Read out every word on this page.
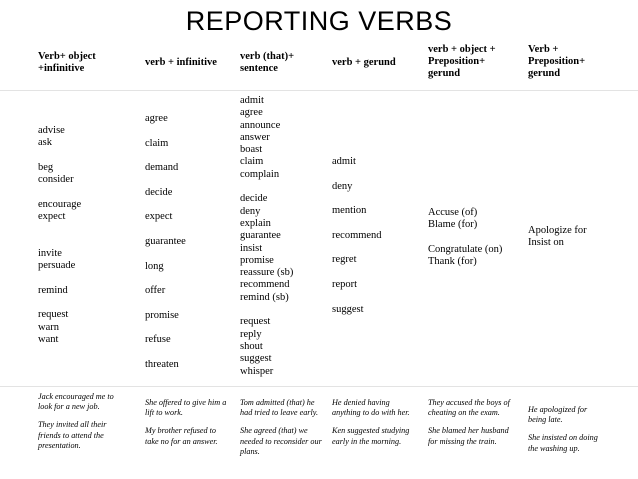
REPORTING VERBS
Verb+ object +infinitive
verb + infinitive
verb (that)+ sentence
verb + gerund
verb + object + Preposition+ gerund
Verb + Preposition+ gerund
advise
ask
beg
consider
encourage
expect
invite
persuade
remind
request
warn
want
agree
claim
demand
decide
expect
guarantee
long
offer
promise
refuse
threaten
admit
agree
announce
answer
boast
claim
complain
decide
deny
explain
guarantee
insist
promise
reassure (sb)
recommend
remind (sb)
request
reply
shout
suggest
whisper
admit
deny
mention
recommend
regret
report
suggest
Accuse (of)
Blame (for)
Congratulate (on)
Thank (for)
Apologize for
Insist on

Jack encouraged me to look for a new job.

They invited all their friends to attend the presentation.

She offered to give him a lift to work.

My brother refused to take no for an answer.

Tom admitted (that) he had tried to leave early.

She agreed (that) we needed to reconsider our plans.

He denied having anything to do with her.

Ken suggested studying early in the morning.

They accused the boys of cheating on the exam.

She blamed her husband for missing the train.

He apologized for being late.

She insisted on doing the washing up.
